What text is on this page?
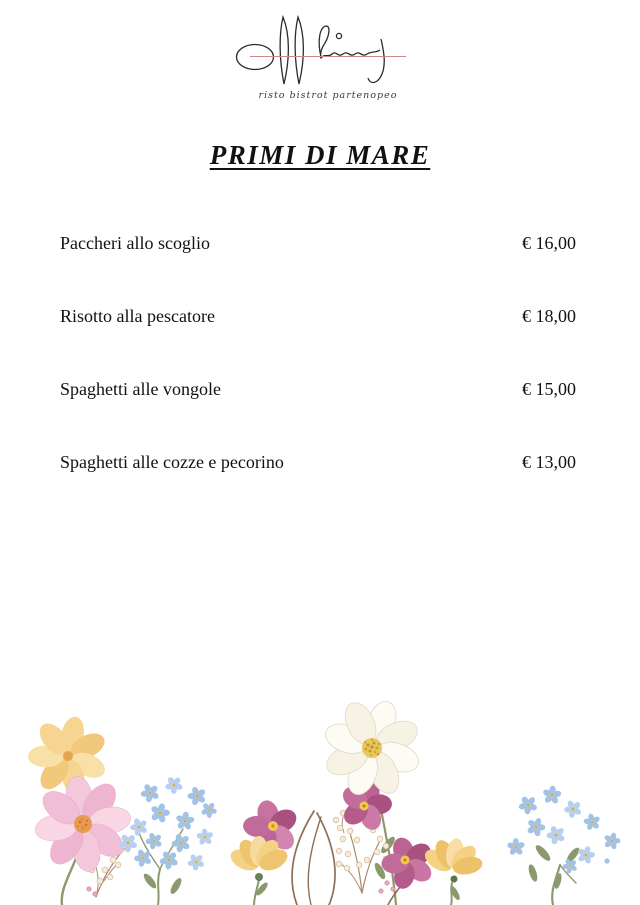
risto bistrot partenopeo
PRIMI DI MARE
Paccheri allo scoglio	€ 16,00
Risotto alla pescatore	€ 18,00
Spaghetti alle vongole	€ 15,00
Spaghetti alle cozze e pecorino	€ 13,00
